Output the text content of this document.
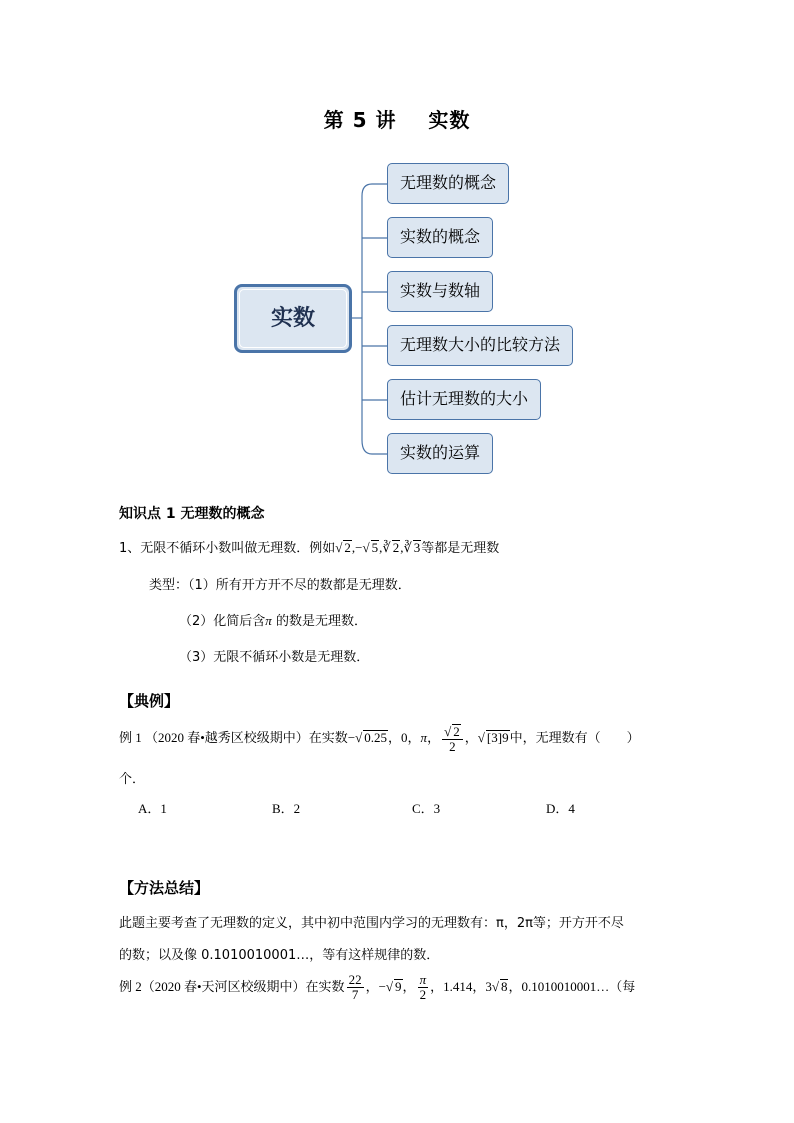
第 5 讲 实数
实数
无理数的概念
实数的概念
实数与数轴
无理数大小的比较方法
估计无理数的大小
实数的运算
知识点 1 无理数的概念
1、无限不循环小数叫做无理数．例如√ 2,−√ 5,∛ 2,∛ 3等都是无理数
类型：（1）所有开方开不尽的数都是无理数．
（2）化简后含π 的数是无理数．
（3）无限不循环小数是无理数．
【典例】
例 1 （2020 春•越秀区校级期中）在实数−√ 0.25，0，π， $\frac{√ 2}{2}$ ，√ [3]9中，无理数有（　　）
个．
A．1	B．2	C．3	D．4
【方法总结】
此题主要考查了无理数的定义，其中初中范围内学习的无理数有：π，2π等；开方开不尽
的数；以及像 0.1010010001…，等有这样规律的数．
例 2（2020 春•天河区校级期中）在实数 $\frac{22}{7}$ ，−√ 9， $\frac{\pi}{2}$ ，1.414，3√ 8，0.1010010001…（每
